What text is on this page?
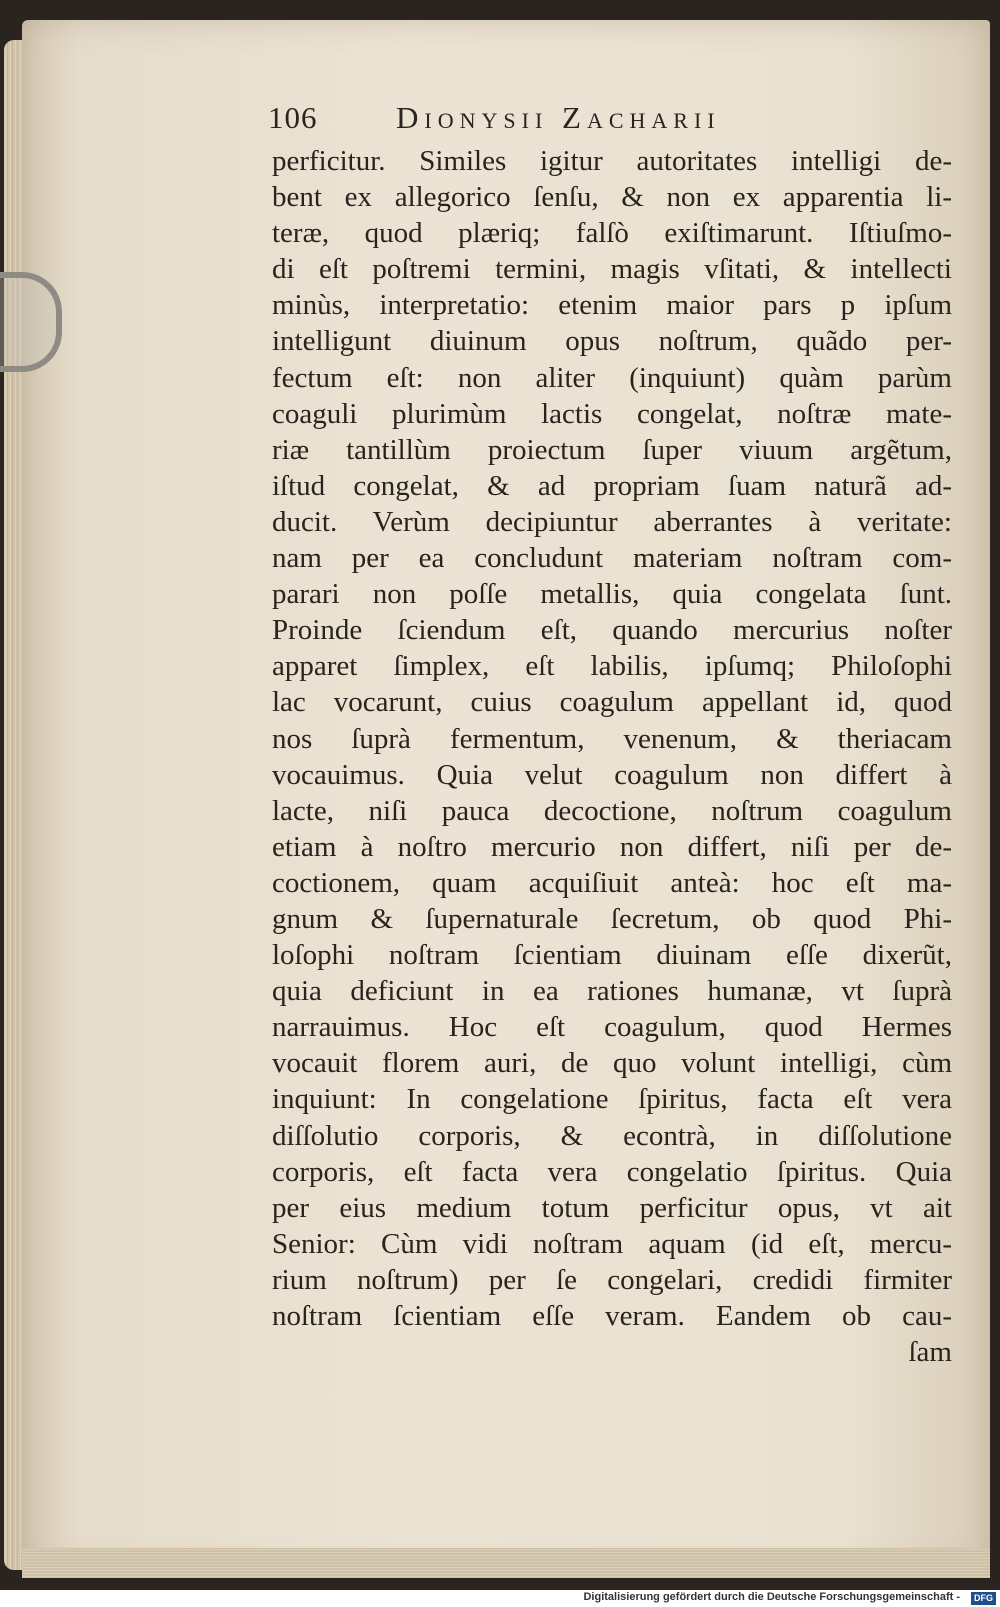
106	Dionysii Zacharii
perficitur. Similes igitur autoritates intelligi de-
bent ex allegorico ſenſu, & non ex apparentia li-
teræ, quod plæriq; falſò exiſtimarunt. Iſtiuſmo-
di eſt poſtremi termini, magis vſitati, & intellecti
minùs, interpretatio: etenim maior pars p ipſum
intelligunt diuinum opus noſtrum, quãdo per-
fectum eſt: non aliter (inquiunt) quàm parùm
coaguli plurimùm lactis congelat, noſtræ mate-
riæ tantillùm proiectum ſuper viuum argẽtum,
iſtud congelat, & ad propriam ſuam naturã ad-
ducit. Verùm decipiuntur aberrantes à veritate:
nam per ea concludunt materiam noſtram com-
parari non poſſe metallis, quia congelata ſunt.
Proinde ſciendum eſt, quando mercurius noſter
apparet ſimplex, eſt labilis, ipſumq; Philoſophi
lac vocarunt, cuius coagulum appellant id, quod
nos ſuprà fermentum, venenum, & theriacam
vocauimus. Quia velut coagulum non differt à
lacte, niſi pauca decoctione, noſtrum coagulum
etiam à noſtro mercurio non differt, niſi per de-
coctionem, quam acquiſiuit anteà: hoc eſt ma-
gnum & ſupernaturale ſecretum, ob quod Phi-
loſophi noſtram ſcientiam diuinam eſſe dixerũt,
quia deficiunt in ea rationes humanæ, vt ſuprà
narrauimus. Hoc eſt coagulum, quod Hermes
vocauit florem auri, de quo volunt intelligi, cùm
inquiunt: In congelatione ſpiritus, facta eſt vera
diſſolutio corporis, & econtrà, in diſſolutione
corporis, eſt facta vera congelatio ſpiritus. Quia
per eius medium totum perficitur opus, vt ait
Senior: Cùm vidi noſtram aquam (id eſt, mercu-
rium noſtrum) per ſe congelari, credidi firmiter
noſtram ſcientiam eſſe veram. Eandem ob cau-
ſam
Digitalisierung gefördert durch die Deutsche Forschungsgemeinschaft -	DFG
